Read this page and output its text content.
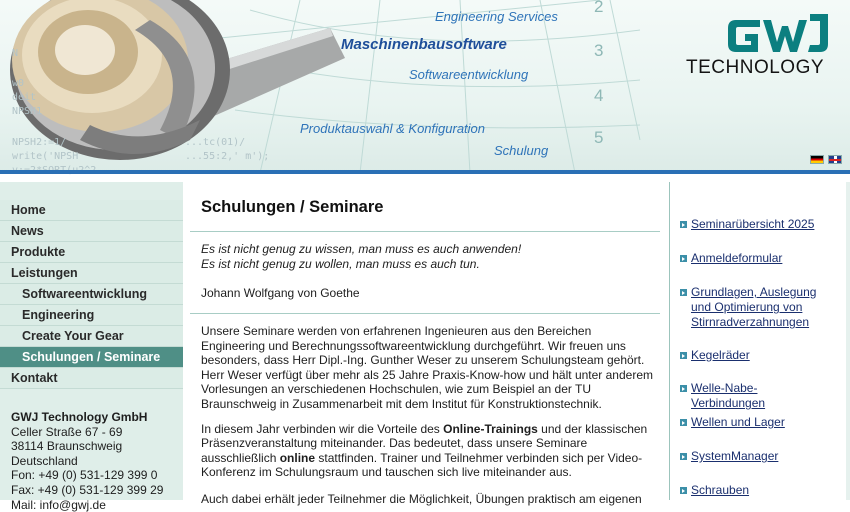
N
w0
deit
NPSH1
NPSH2:=1/
write('NPSH
...tc(01)/
...55:2,' m');
Engineering Services
Maschinenbausoftware
Softwareentwicklung
Produktauswahl & Konfiguration
Schulung
2
3
4
5
GWJ
TECHNOLOGY
Home
News
Produkte
Leistungen
Softwareentwicklung
Engineering
Create Your Gear
Schulungen / Seminare
Kontakt
GWJ Technology GmbH
Celler Straße 67 - 69
38114 Braunschweig
Deutschland
Fon: +49 (0) 531-129 399 0
Fax: +49 (0) 531-129 399 29
Mail: info@gwj.de
Schulungen / Seminare
Es ist nicht genug zu wissen, man muss es auch anwenden!
Es ist nicht genug zu wollen, man muss es auch tun.
Johann Wolfgang von Goethe

Unsere Seminare werden von erfahrenen Ingenieuren aus den Bereichen Engineering und Berechnungssoftwareentwicklung durchgeführt. Wir freuen uns besonders, dass Herr Dipl.-Ing. Gunther Weser zu unserem Schulungsteam gehört. Herr Weser verfügt über mehr als 25 Jahre Praxis-Know-how und hält unter anderem Vorlesungen an verschiedenen Hochschulen, wie zum Beispiel an der TU Braunschweig in Zusammenarbeit mit dem Institut für Konstruktionstechnik.

In diesem Jahr verbinden wir die Vorteile des Online-Trainings und der klassischen Präsenzveranstaltung miteinander. Das bedeutet, dass unsere Seminare ausschließlich online stattfinden. Trainer und Teilnehmer verbinden sich per Video-Konferenz im Schulungsraum und tauschen sich live miteinander aus.

Auch dabei erhält jeder Teilnehmer die Möglichkeit, Übungen praktisch am eigenen

Seminarübersicht 2025
Anmeldeformular
Grundlagen, Auslegung und Optimierung von Stirnradverzahnungen
Kegelräder
Welle-Nabe-Verbindungen
Wellen und Lager
SystemManager
Schrauben
